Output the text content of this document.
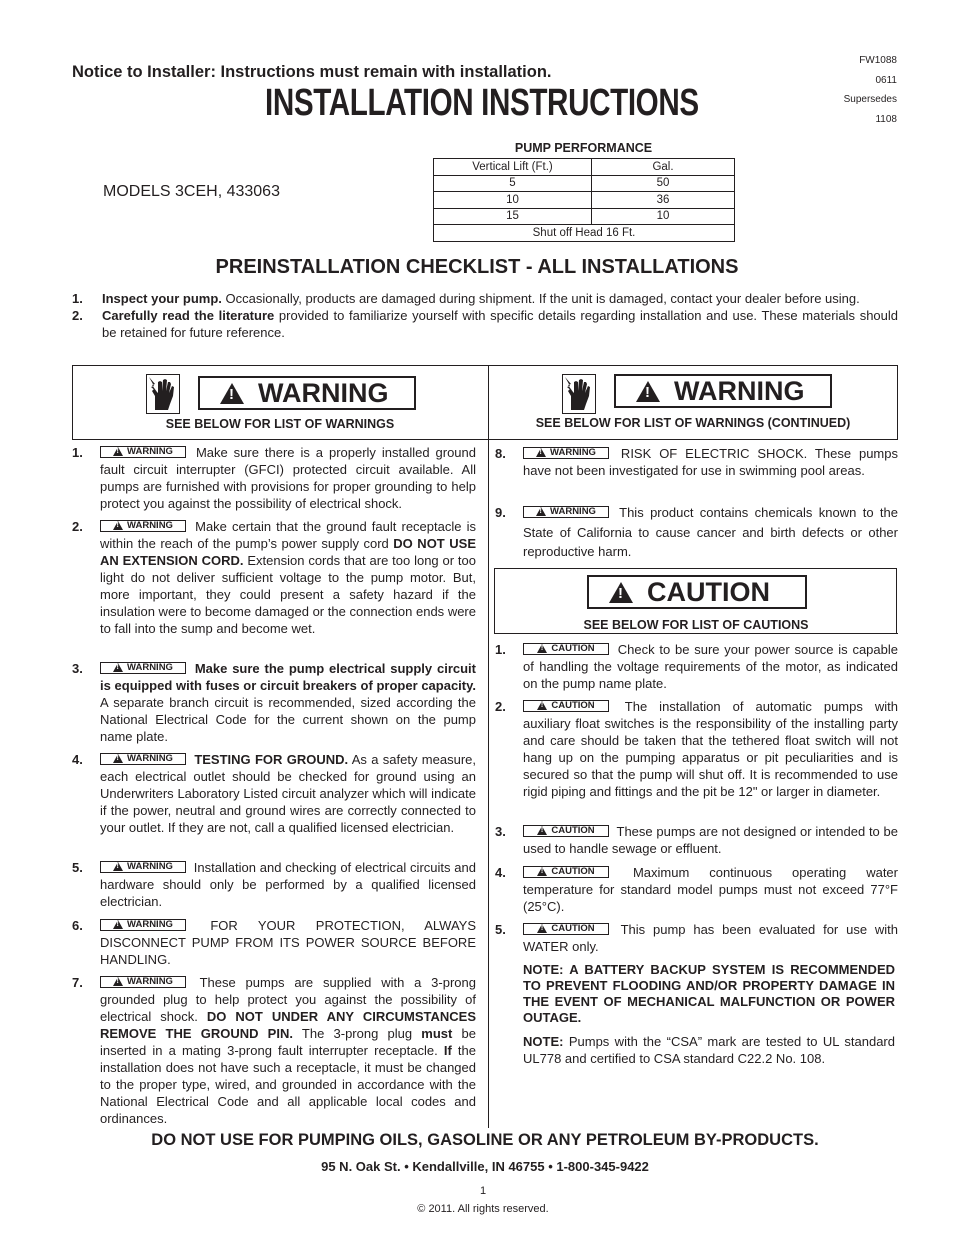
Notice to Installer: Instructions must remain with installation.
INSTALLATION INSTRUCTIONS
FW1088
0611
Supersedes
1108
MODELS 3CEH, 433063
PUMP PERFORMANCE
Vertical Lift (Ft.)	Gal.
5	50
10	36
15	10
Shut off Head 16 Ft.	
PREINSTALLATION CHECKLIST - ALL INSTALLATIONS
1.	Inspect your pump. Occasionally, products are damaged during shipment. If the unit is damaged, contact your dealer before using.
2.	Carefully read the literature provided to familiarize yourself with specific details regarding installation and use. These materials should be retained for future reference.
!
WARNING
SEE BELOW FOR LIST OF WARNINGS
!
WARNING
SEE BELOW FOR LIST OF WARNINGS (CONTINUED)
1. !	WARNING Make sure there is a properly installed ground fault circuit interrupter (GFCI) protected circuit available. All pumps are furnished with provisions for proper grounding to help protect you against the possibility of electrical shock.
2. !	WARNING Make certain that the ground fault receptacle is within the reach of the pump’s power supply cord DO NOT USE AN EXTENSION CORD. Extension cords that are too long or too light do not deliver sufficient voltage to the pump motor. But, more important, they could present a safety hazard if the insulation were to become damaged or the connection ends were to fall into the sump and become wet.
3. !	WARNING Make sure the pump electrical supply circuit is equipped with fuses or circuit breakers of proper capacity. A separate branch circuit is recommended, sized according the National Electrical Code for the current shown on the pump name plate.
4. !	WARNING TESTING FOR GROUND. As a safety measure, each electrical outlet should be checked for ground using an Underwriters Laboratory Listed circuit analyzer which will indicate if the power, neutral and ground wires are correctly connected to your outlet. If they are not, call a qualified licensed electrician.
5. !	WARNING Installation and checking of electrical circuits and hardware should only be performed by a qualified licensed electrician.
6. !	WARNING FOR YOUR PROTECTION, ALWAYS DISCONNECT PUMP FROM ITS POWER SOURCE BEFORE HANDLING.
7. !	WARNING These pumps are supplied with a 3-prong grounded plug to help protect you against the possibility of electrical shock. DO NOT UNDER ANY CIRCUMSTANCES REMOVE THE GROUND PIN. The 3-prong plug must be inserted in a mating 3-prong fault interrupter receptacle. If the installation does not have such a receptacle, it must be changed to the proper type, wired, and grounded in accordance with the National Electrical Code and all applicable local codes and ordinances.
8. !	WARNING RISK OF ELECTRIC SHOCK. These pumps have not been investigated for use in swimming pool areas.
9. !	WARNING This product contains chemicals known to the State of California to cause cancer and birth defects or other reproductive harm.
!
CAUTION
SEE BELOW FOR LIST OF CAUTIONS
1. !	CAUTION Check to be sure your power source is capable of handling the voltage requirements of the motor, as indicated on the pump name plate.
2. !	CAUTION The installation of automatic pumps with auxiliary float switches is the responsibility of the installing party and care should be taken that the tethered float switch will not hang up on the pumping apparatus or pit peculiarities and is secured so that the pump will shut off. It is recommended to use rigid piping and fittings and the pit be 12" or larger in diameter.
3. !	CAUTION These pumps are not designed or intended to be used to handle sewage or effluent.
4. !	CAUTION Maximum continuous operating water temperature for standard model pumps must not exceed 77°F (25°C).
5. !	CAUTION This pump has been evaluated for use with WATER only.
NOTE: A BATTERY BACKUP SYSTEM IS RECOMMENDED TO PREVENT FLOODING AND/OR PROPERTY DAMAGE IN THE EVENT OF MECHANICAL MALFUNCTION OR POWER OUTAGE.
NOTE: Pumps with the “CSA” mark are tested to UL standard UL778 and certified to CSA standard C22.2 No. 108.
DO NOT USE FOR PUMPING OILS, GASOLINE OR ANY PETROLEUM BY-PRODUCTS.
95 N. Oak St. • Kendallville, IN 46755 • 1-800-345-9422
1
© 2011. All rights reserved.
